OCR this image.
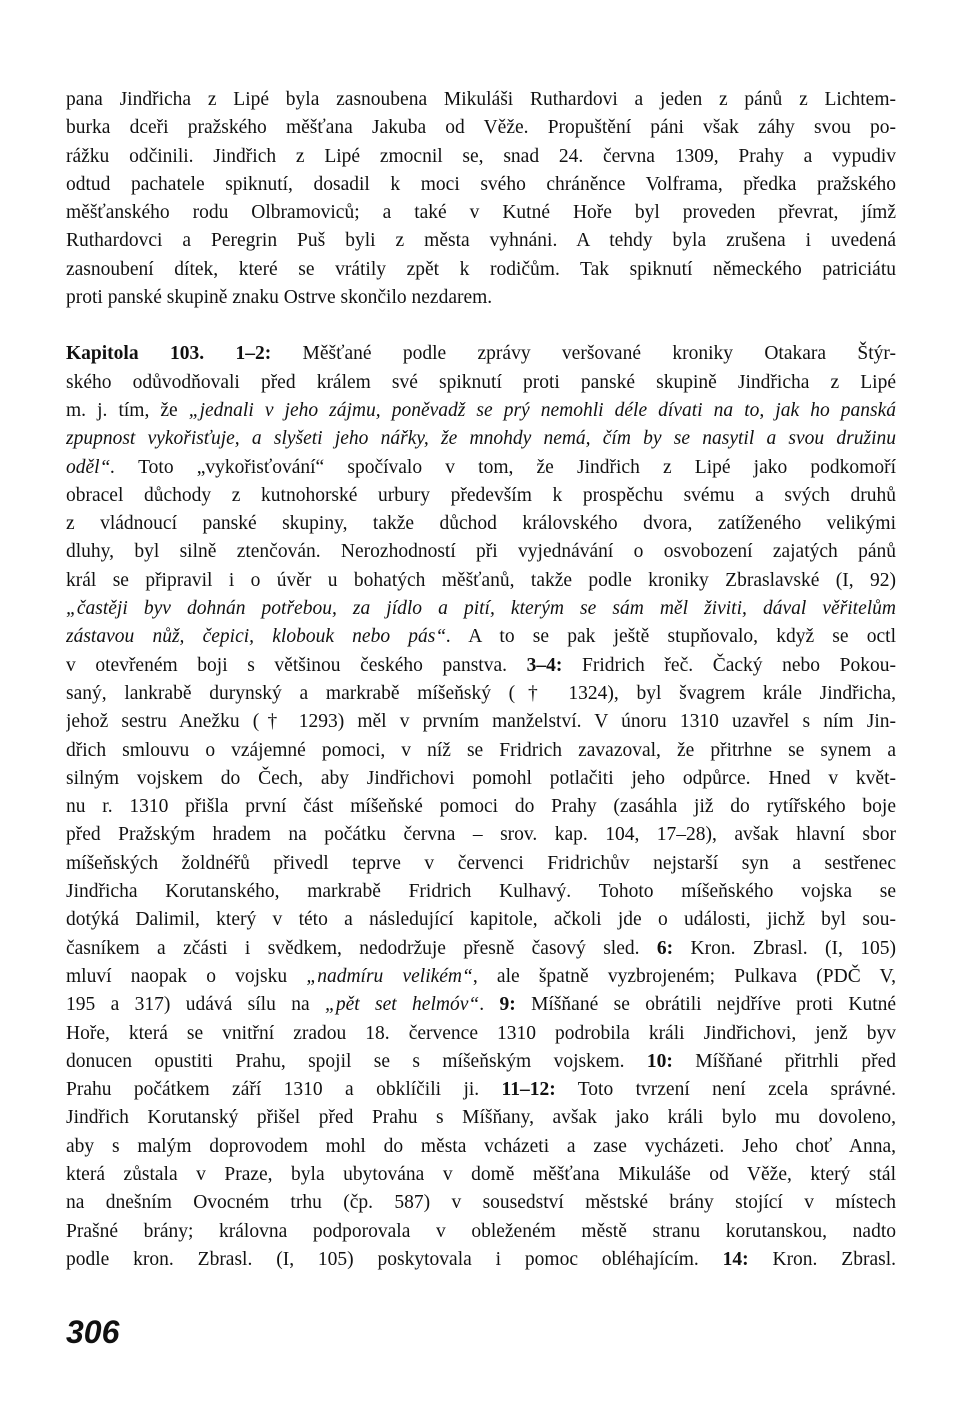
pana Jindřicha z Lipé byla zasnoubena Mikuláši Ruthardovi a jeden z pánů z Lichtem-
burka dceři pražského měšťana Jakuba od Věže. Propuštění páni však záhy svou po-
rážku odčinili. Jindřich z Lipé zmocnil se, snad 24. června 1309, Prahy a vypudiv
odtud pachatele spiknutí, dosadil k moci svého chráněnce Volframa, předka pražského
měšťanského rodu Olbramoviců; a také v Kutné Hoře byl proveden převrat, jímž
Ruthardovci a Peregrin Puš byli z města vyhnáni. A tehdy byla zrušena i uvedená
zasnoubení dítek, které se vrátily zpět k rodičům. Tak spiknutí německého patriciátu
proti panské skupině znaku Ostrve skončilo nezdarem.
Kapitola 103. 1–2: Měšťané podle zprávy veršované kroniky Otakara Štýr-
ského odůvodňovali před králem své spiknutí proti panské skupině Jindřicha z Lipé
m. j. tím, že „jednali v jeho zájmu, poněvadž se prý nemohli déle dívati na to, jak ho panská
zpupnost vykořisťuje, a slyšeti jeho nářky, že mnohdy nemá, čím by se nasytil a svou družinu
oděl“. Toto „vykořisťování“ spočívalo v tom, že Jindřich z Lipé jako podkomoří
obracel důchody z kutnohorské urbury především k prospěchu svému a svých druhů
z vládnoucí panské skupiny, takže důchod královského dvora, zatíženého velikými
dluhy, byl silně ztenčován. Nerozhodností při vyjednávání o osvobození zajatých pánů
král se připravil i o úvěr u bohatých měšťanů, takže podle kroniky Zbraslavské (I, 92)
„častěji byv dohnán potřebou, za jídlo a pití, kterým se sám měl živiti, dával věřitelům
zástavou nůž, čepici, klobouk nebo pás“. A to se pak ještě stupňovalo, když se octl
v otevřeném boji s většinou českého panstva. 3–4: Fridrich řeč. Čacký nebo Pokou-
saný, lankrabě durynský a markrabě míšeňský († 1324), byl švagrem krále Jindřicha,
jehož sestru Anežku († 1293) měl v prvním manželství. V únoru 1310 uzavřel s ním Jin-
dřich smlouvu o vzájemné pomoci, v níž se Fridrich zavazoval, že přitrhne se synem a
silným vojskem do Čech, aby Jindřichovi pomohl potlačiti jeho odpůrce. Hned v květ-
nu r. 1310 přišla první část míšeňské pomoci do Prahy (zasáhla již do rytířského boje
před Pražským hradem na počátku června – srov. kap. 104, 17–28), avšak hlavní sbor
míšeňských žoldnéřů přivedl teprve v červenci Fridrichův nejstarší syn a sestřenec
Jindřicha Korutanského, markrabě Fridrich Kulhavý. Tohoto míšeňského vojska se
dotýká Dalimil, který v této a následující kapitole, ačkoli jde o události, jichž byl sou-
časníkem a zčásti i svědkem, nedodržuje přesně časový sled. 6: Kron. Zbrasl. (I, 105)
mluví naopak o vojsku „nadmíru velikém“, ale špatně vyzbrojeném; Pulkava (PDČ V,
195 a 317) udává sílu na „pět set helmóv“. 9: Míšňané se obrátili nejdříve proti Kutné
Hoře, která se vnitřní zradou 18. července 1310 podrobila králi Jindřichovi, jenž byv
donucen opustiti Prahu, spojil se s míšeňským vojskem. 10: Míšňané přitrhli před
Prahu počátkem září 1310 a obklíčili ji. 11–12: Toto tvrzení není zcela správné.
Jindřich Korutanský přišel před Prahu s Míšňany, avšak jako králi bylo mu dovoleno,
aby s malým doprovodem mohl do města vcházeti a zase vycházeti. Jeho choť Anna,
která zůstala v Praze, byla ubytována v domě měšťana Mikuláše od Věže, který stál
na dnešním Ovocném trhu (čp. 587) v sousedství městské brány stojící v místech
Prašné brány; královna podporovala v obleženém městě stranu korutanskou, nadto
podle kron. Zbrasl. (I, 105) poskytovala i pomoc obléhajícím. 14: Kron. Zbrasl.
306
